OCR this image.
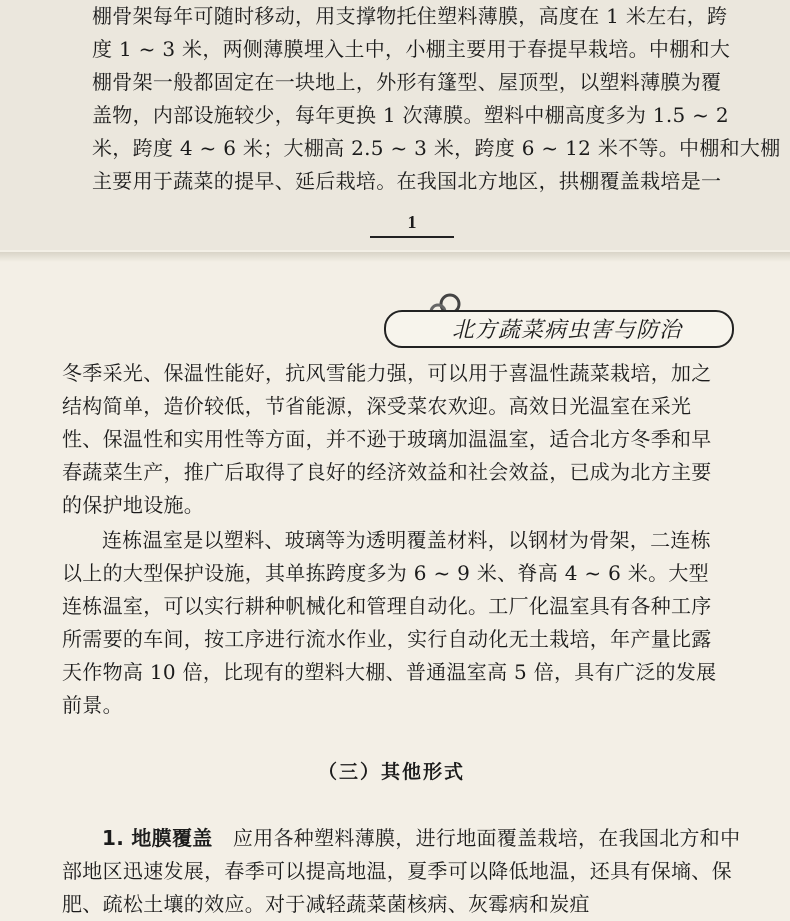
棚骨架每年可随时移动，用支撑物托住塑料薄膜，高度在 1 米左右，跨

度 1 ~ 3 米，两侧薄膜埋入土中，小棚主要用于春提早栽培。中棚和大

棚骨架一般都固定在一块地上，外形有篷型、屋顶型，以塑料薄膜为覆

盖物，内部设施较少，每年更换 1 次薄膜。塑料中棚高度多为 1.5 ~ 2

米，跨度 4 ~ 6 米；大棚高 2.5 ~ 3 米，跨度 6 ~ 12 米不等。中棚和大棚

主要用于蔬菜的提早、延后栽培。在我国北方地区，拱棚覆盖栽培是一

1
北方蔬菜病虫害与防治

冬季采光、保温性能好，抗风雪能力强，可以用于喜温性蔬菜栽培，加之结构简单，造价较低，节省能源，深受菜农欢迎。高效日光温室在采光性、保温性和实用性等方面，并不逊于玻璃加温温室，适合北方冬季和早春蔬菜生产，推广后取得了良好的经济效益和社会效益，已成为北方主要的保护地设施。

连栋温室是以塑料、玻璃等为透明覆盖材料，以钢材为骨架，二连栋以上的大型保护设施，其单拣跨度多为 6 ~ 9 米、脊高 4 ~ 6 米。大型连栋温室，可以实行耕种帆械化和管理自动化。工厂化温室具有各种工序所需要的车间，按工序进行流水作业，实行自动化无土栽培，年产量比露天作物高 10 倍，比现有的塑料大棚、普通温室高 5 倍，具有广泛的发展前景。

（三）其他形式

1. 地膜覆盖　 应用各种塑料薄膜，进行地面覆盖栽培，在我国北方和中部地区迅速发展，春季可以提高地温，夏季可以降低地温，还具有保墒、保肥、疏松土壤的效应。对于减轻蔬菜菌核病、灰霉病和炭疽
